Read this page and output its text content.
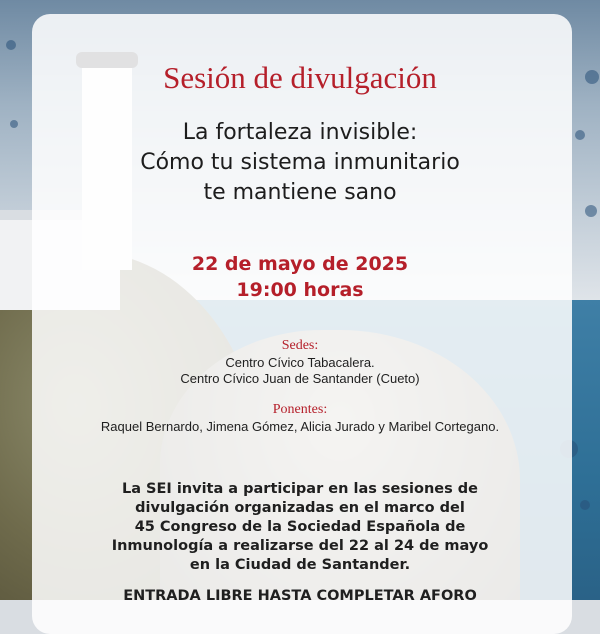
Sesión de divulgación
La fortaleza invisible:
Cómo tu sistema inmunitario
te mantiene sano
22 de mayo de 2025
19:00 horas
Sedes:
Centro Cívico Tabacalera.
Centro Cívico Juan de Santander (Cueto)
Ponentes:
Raquel Bernardo, Jimena Gómez, Alicia Jurado y Maribel Cortegano.
La SEI invita a participar en las sesiones de
divulgación organizadas en el marco del
45 Congreso de la Sociedad Española de
Inmunología a realizarse del 22 al 24 de mayo
en la Ciudad de Santander.
ENTRADA LIBRE HASTA COMPLETAR AFORO
